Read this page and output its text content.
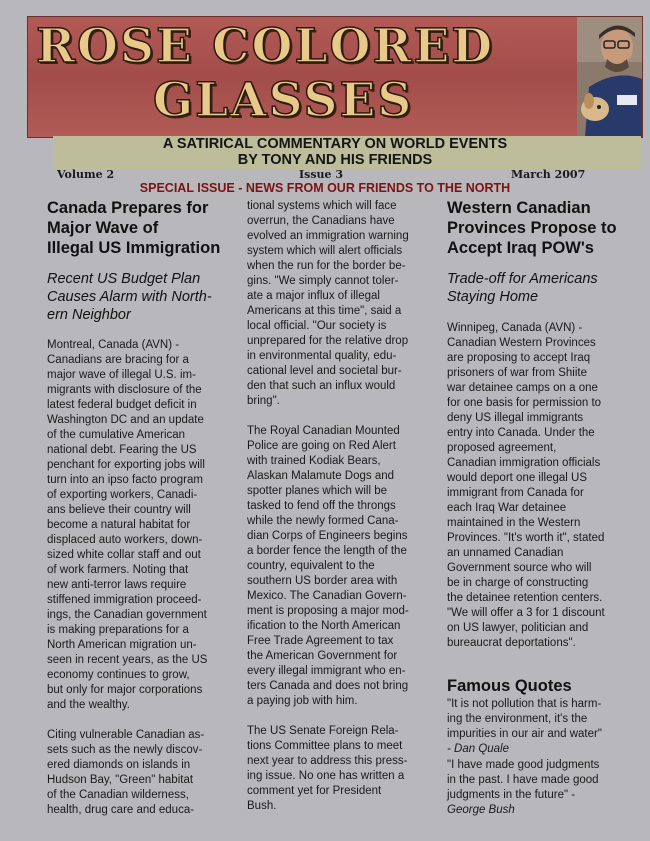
ROSE COLORED
GLASSES
A SATIRICAL COMMENTARY ON WORLD EVENTS
BY TONY AND HIS FRIENDS
Volume 2	Issue 3	March 2007
SPECIAL ISSUE - NEWS FROM OUR FRIENDS TO THE NORTH
Canada Prepares for
Major Wave of
Illegal US Immigration
Recent US Budget Plan
Causes Alarm with North-
ern Neighbor
Montreal, Canada (AVN) -
Canadians are bracing for a
major wave of illegal U.S. im-
migrants with disclosure of the
latest federal budget deficit in
Washington DC and an update
of the cumulative American
national debt. Fearing the US
penchant for exporting jobs will
turn into an ipso facto program
of exporting workers, Canadi-
ans believe their country will
become a natural habitat for
displaced auto workers, down-
sized white collar staff and out
of work farmers. Noting that
new anti-terror laws require
stiffened immigration proceed-
ings, the Canadian government
is making preparations for a
North American migration un-
seen in recent years, as the US
economy continues to grow,
but only for major corporations
and the wealthy.
Citing vulnerable Canadian as-
sets such as the newly discov-
ered diamonds on islands in
Hudson Bay, "Green" habitat
of the Canadian wilderness,
health, drug care and educa-
tional systems which will face
overrun, the Canadians have
evolved an immigration warning
system which will alert officials
when the run for the border be-
gins. "We simply cannot toler-
ate a major influx of illegal
Americans at this time", said a
local official. "Our society is
unprepared for the relative drop
in environmental quality, edu-
cational level and societal bur-
den that such an influx would
bring".
The Royal Canadian Mounted
Police are going on Red Alert
with trained Kodiak Bears,
Alaskan Malamute Dogs and
spotter planes which will be
tasked to fend off the throngs
while the newly formed Cana-
dian Corps of Engineers begins
a border fence the length of the
country, equivalent to the
southern US border area with
Mexico. The Canadian Govern-
ment is proposing a major mod-
ification to the North American
Free Trade Agreement to tax
the American Government for
every illegal immigrant who en-
ters Canada and does not bring
a paying job with him.
The US Senate Foreign Rela-
tions Committee plans to meet
next year to address this press-
ing issue. No one has written a
comment yet for President
Bush.
Western Canadian
Provinces Propose to
Accept Iraq POW's
Trade-off for Americans
Staying Home
Winnipeg, Canada (AVN) -
Canadian Western Provinces
are proposing to accept Iraq
prisoners of war from Shiite
war detainee camps on a one
for one basis for permission to
deny US illegal immigrants
entry into Canada. Under the
proposed agreement,
Canadian immigration officials
would deport one illegal US
immigrant from Canada for
each Iraq War detainee
maintained in the Western
Provinces. "It's worth it", stated
an unnamed Canadian
Government source who will
be in charge of constructing
the detainee retention centers.
"We will offer a 3 for 1 discount
on US lawyer, politician and
bureaucrat deportations".
Famous Quotes
"It is not pollution that is harm-
ing the environment, it's the
impurities in our air and water"
- Dan Quale
"I have made good judgments
in the past. I have made good
judgments in the future" -
George Bush
